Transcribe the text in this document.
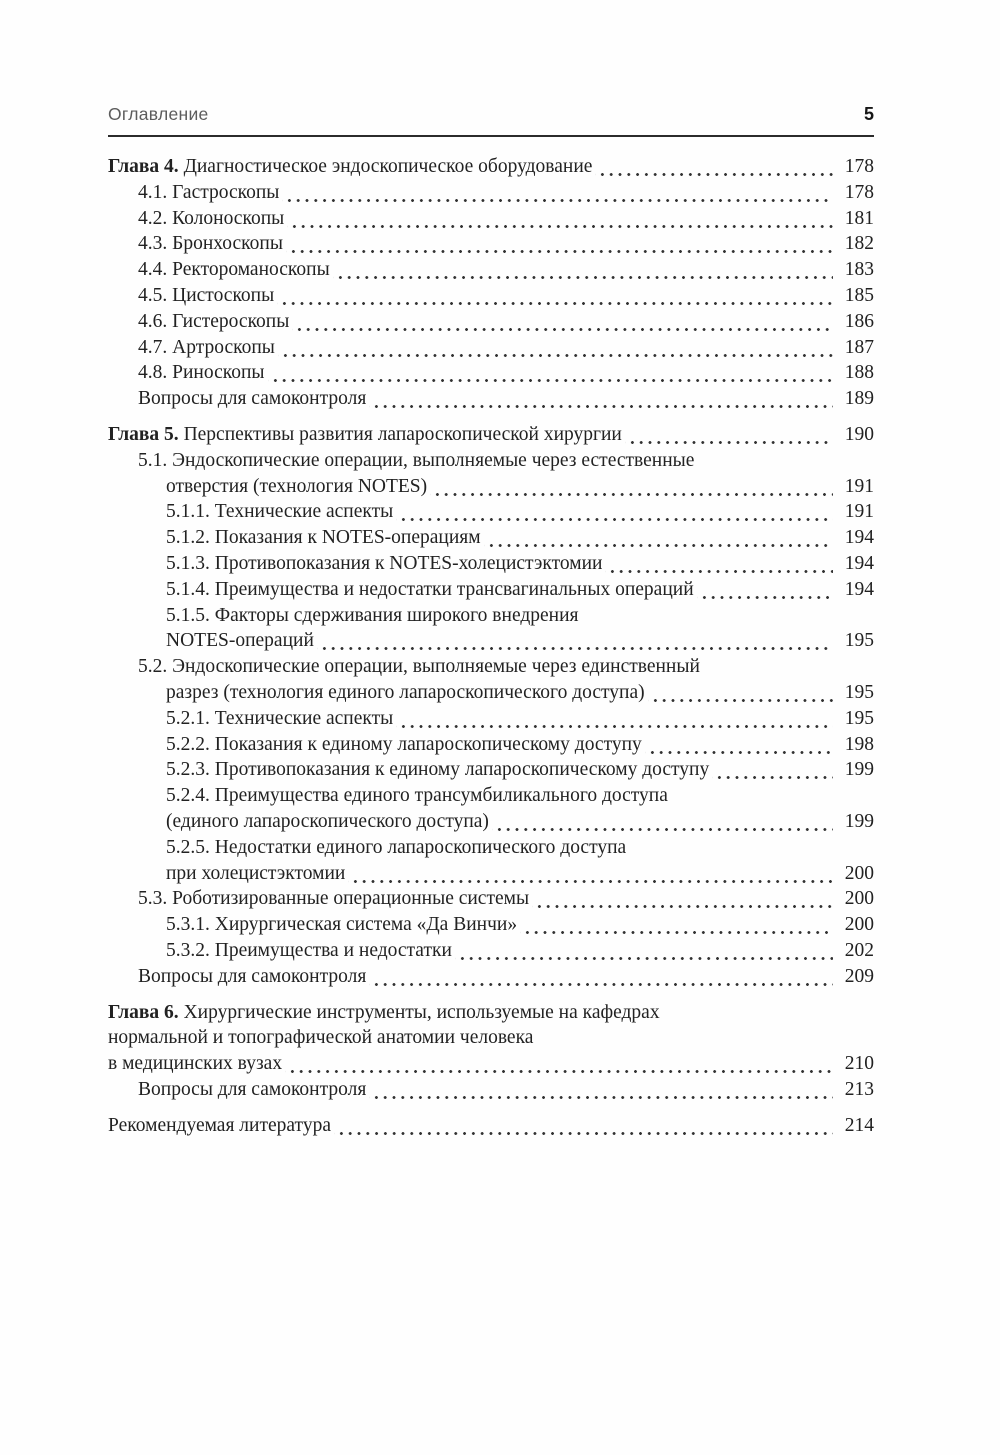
Оглавление	5
Глава 4. Диагностическое эндоскопическое оборудование	178
4.1. Гастроскопы	178
4.2. Колоноскопы	181
4.3. Бронхоскопы	182
4.4. Ректороманоскопы	183
4.5. Цистоскопы	185
4.6. Гистероскопы	186
4.7. Артроскопы	187
4.8. Риноскопы	188
Вопросы для самоконтроля	189
Глава 5. Перспективы развития лапароскопической хирургии	190
5.1. Эндоскопические операции, выполняемые через естественные
отверстия (технология NOTES)	191
5.1.1. Технические аспекты	191
5.1.2. Показания к NOTES-операциям	194
5.1.3. Противопоказания к NOTES-холецистэктомии	194
5.1.4. Преимущества и недостатки трансвагинальных операций	194
5.1.5. Факторы сдерживания широкого внедрения
NOTES-операций	195
5.2. Эндоскопические операции, выполняемые через единственный
разрез (технология единого лапароскопического доступа)	195
5.2.1. Технические аспекты	195
5.2.2. Показания к единому лапароскопическому доступу	198
5.2.3. Противопоказания к единому лапароскопическому доступу	199
5.2.4. Преимущества единого трансумбиликального доступа
(единого лапароскопического доступа)	199
5.2.5. Недостатки единого лапароскопического доступа
при холецистэктомии	200
5.3. Роботизированные операционные системы	200
5.3.1. Хирургическая система «Да Винчи»	200
5.3.2. Преимущества и недостатки	202
Вопросы для самоконтроля	209
Глава 6. Хирургические инструменты, используемые на кафедрах
нормальной и топографической анатомии человека
в медицинских вузах	210
Вопросы для самоконтроля	213
Рекомендуемая литература	214
